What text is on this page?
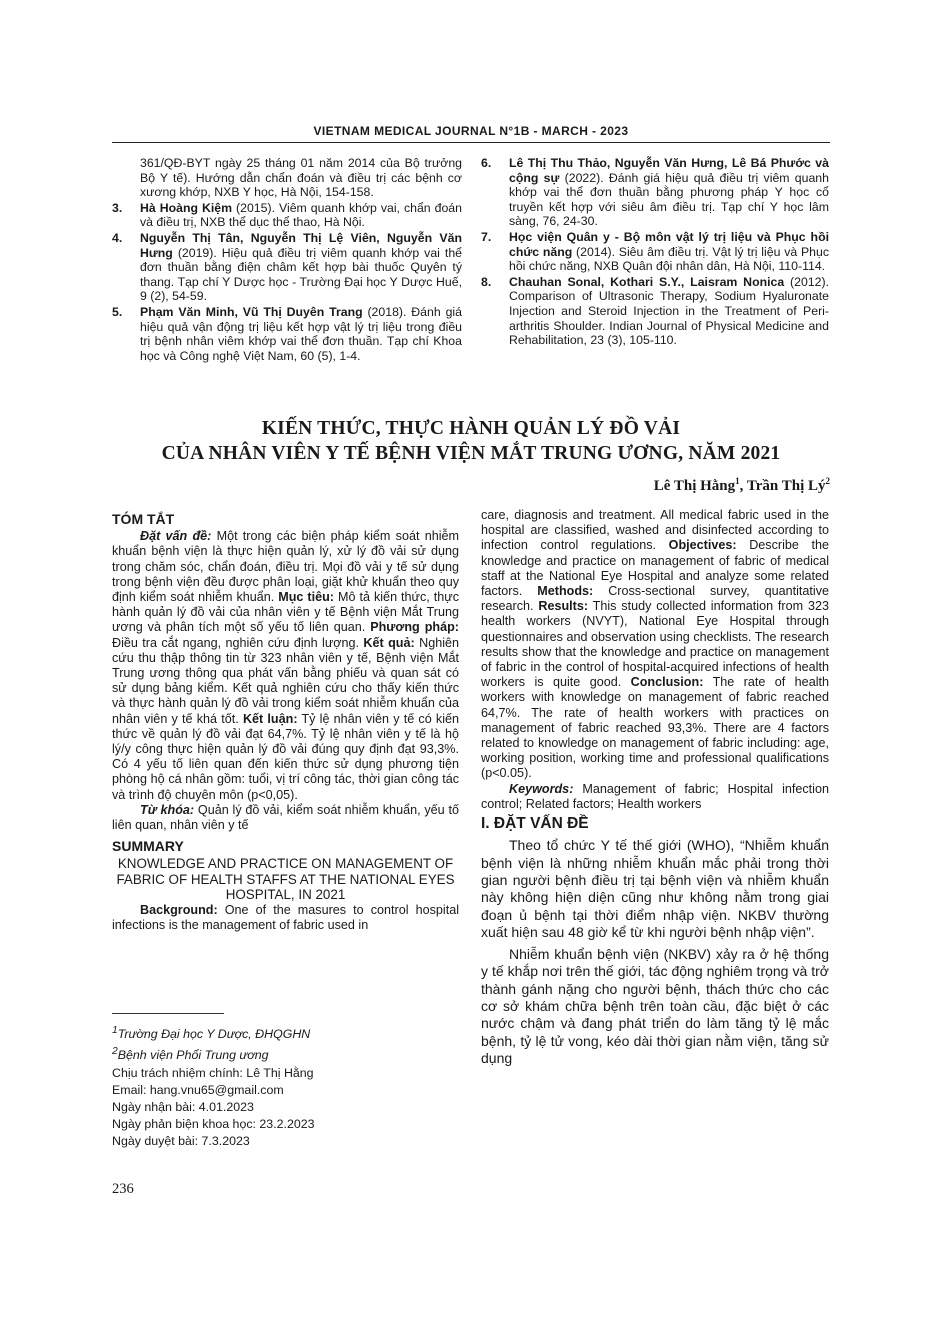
VIETNAM MEDICAL JOURNAL N°1B - MARCH - 2023
361/QĐ-BYT ngày 25 tháng 01 năm 2014 của Bộ trưởng Bộ Y tế). Hướng dẫn chẩn đoán và điều trị các bệnh cơ xương khớp, NXB Y học, Hà Nội, 154-158.
3. Hà Hoàng Kiệm (2015). Viêm quanh khớp vai, chẩn đoán và điều trị, NXB thể dục thể thao, Hà Nội.
4. Nguyễn Thị Tân, Nguyễn Thị Lệ Viên, Nguyễn Văn Hưng (2019). Hiệu quả điều trị viêm quanh khớp vai thể đơn thuần bằng điện châm kết hợp bài thuốc Quyên tý thang. Tạp chí Y Dược học - Trường Đại học Y Dược Huế, 9 (2), 54-59.
5. Phạm Văn Minh, Vũ Thị Duyên Trang (2018). Đánh giá hiệu quả vận động trị liệu kết hợp vật lý trị liệu trong điều trị bệnh nhân viêm khớp vai thể đơn thuần. Tạp chí Khoa học và Công nghệ Việt Nam, 60 (5), 1-4.
6. Lê Thị Thu Thảo, Nguyễn Văn Hưng, Lê Bá Phước và cộng sự (2022). Đánh giá hiệu quả điều trị viêm quanh khớp vai thể đơn thuần bằng phương pháp Y học cổ truyền kết hợp với siêu âm điều trị. Tạp chí Y học lâm sàng, 76, 24-30.
7. Học viện Quân y - Bộ môn vật lý trị liệu và Phục hồi chức năng (2014). Siêu âm điều trị. Vật lý trị liệu và Phục hồi chức năng, NXB Quân đội nhân dân, Hà Nội, 110-114.
8. Chauhan Sonal, Kothari S.Y., Laisram Nonica (2012). Comparison of Ultrasonic Therapy, Sodium Hyaluronate Injection and Steroid Injection in the Treatment of Peri-arthritis Shoulder. Indian Journal of Physical Medicine and Rehabilitation, 23 (3), 105-110.
KIẾN THỨC, THỰC HÀNH QUẢN LÝ ĐỒ VẢI
CỦA NHÂN VIÊN Y TẾ BỆNH VIỆN MẮT TRUNG ƯƠNG, NĂM 2021
Lê Thị Hằng$^1$, Trần Thị $Lý^2$
TÓM TẮT

Đặt vấn đề: Một trong các biện pháp kiểm soát nhiễm khuẩn bệnh viện là thực hiện quản lý, xử lý đồ vải sử dụng trong chăm sóc, chẩn đoán, điều trị. Mọi đồ vải y tế sử dụng trong bệnh viện đều được phân loại, giặt khử khuẩn theo quy định kiểm soát nhiễm khuẩn. Mục tiêu: Mô tả kiến thức, thực hành quản lý đồ vải của nhân viên y tế Bệnh viện Mắt Trung ương và phân tích một số yếu tố liên quan. Phương pháp: Điều tra cắt ngang, nghiên cứu định lượng. Kết quả: Nghiên cứu thu thập thông tin từ 323 nhân viên y tế, Bệnh viện Mắt Trung ương thông qua phát vấn bằng phiếu và quan sát có sử dụng bảng kiểm. Kết quả nghiên cứu cho thấy kiến thức và thực hành quản lý đồ vải trong kiểm soát nhiễm khuẩn của nhân viên y tế khá tốt. Kết luận: Tỷ lệ nhân viên y tế có kiến thức về quản lý đồ vải đạt 64,7%. Tỷ lệ nhân viên y tế là hộ lý/y công thực hiện quản lý đồ vải đúng quy định đạt 93,3%. Có 4 yếu tố liên quan đến kiến thức sử dụng phương tiện phòng hộ cá nhân gồm: tuổi, vị trí công tác, thời gian công tác và trình độ chuyên môn (p<0,05).

Từ khóa: Quản lý đồ vải, kiểm soát nhiễm khuẩn, yếu tố liên quan, nhân viên y tế

SUMMARY

KNOWLEDGE AND PRACTICE ON MANAGEMENT OF FABRIC OF HEALTH STAFFS AT THE NATIONAL EYES HOSPITAL, IN 2021

Background: One of the masures to control hospital infections is the management of fabric used in

$^1$Trường Đại học Y Dược, ĐHQGHN
$^2$Bệnh viện Phổi Trung ương
Chịu trách nhiệm chính: Lê Thị Hằng
Email: hang.vnu65@gmail.com
Ngày nhận bài: 4.01.2023
Ngày phản biện khoa học: 23.2.2023
Ngày duyệt bài: 7.3.2023

care, diagnosis and treatment. All medical fabric used in the hospital are classified, washed and disinfected according to infection control regulations. Objectives: Describe the knowledge and practice on management of fabric of medical staff at the National Eye Hospital and analyze some related factors. Methods: Cross-sectional survey, quantitative research. Results: This study collected information from 323 health workers (NVYT), National Eye Hospital through questionnaires and observation using checklists. The research results show that the knowledge and practice on management of fabric in the control of hospital-acquired infections of health workers is quite good. Conclusion: The rate of health workers with knowledge on management of fabric reached 64,7%. The rate of health workers with practices on management of fabric reached 93,3%. There are 4 factors related to knowledge on management of fabric including: age, working position, working time and professional qualifications (p<0.05).

Keywords: Management of fabric; Hospital infection control; Related factors; Health workers

I. ĐẶT VẤN ĐỀ

Theo tổ chức Y tế thế giới (WHO), “Nhiễm khuẩn bệnh viện là những nhiễm khuẩn mắc phải trong thời gian người bệnh điều trị tại bệnh viện và nhiễm khuẩn này không hiện diện cũng như không nằm trong giai đoạn ủ bệnh tại thời điểm nhập viện. NKBV thường xuất hiện sau 48 giờ kể từ khi người bệnh nhập viện”.

Nhiễm khuẩn bệnh viện (NKBV) xảy ra ở hệ thống y tế khắp nơi trên thế giới, tác động nghiêm trọng và trở thành gánh nặng cho người bệnh, thách thức cho các cơ sở khám chữa bệnh trên toàn cầu, đặc biệt ở các nước chậm và đang phát triển do làm tăng tỷ lệ mắc bệnh, tỷ lệ tử vong, kéo dài thời gian nằm viện, tăng sử dụng

236
